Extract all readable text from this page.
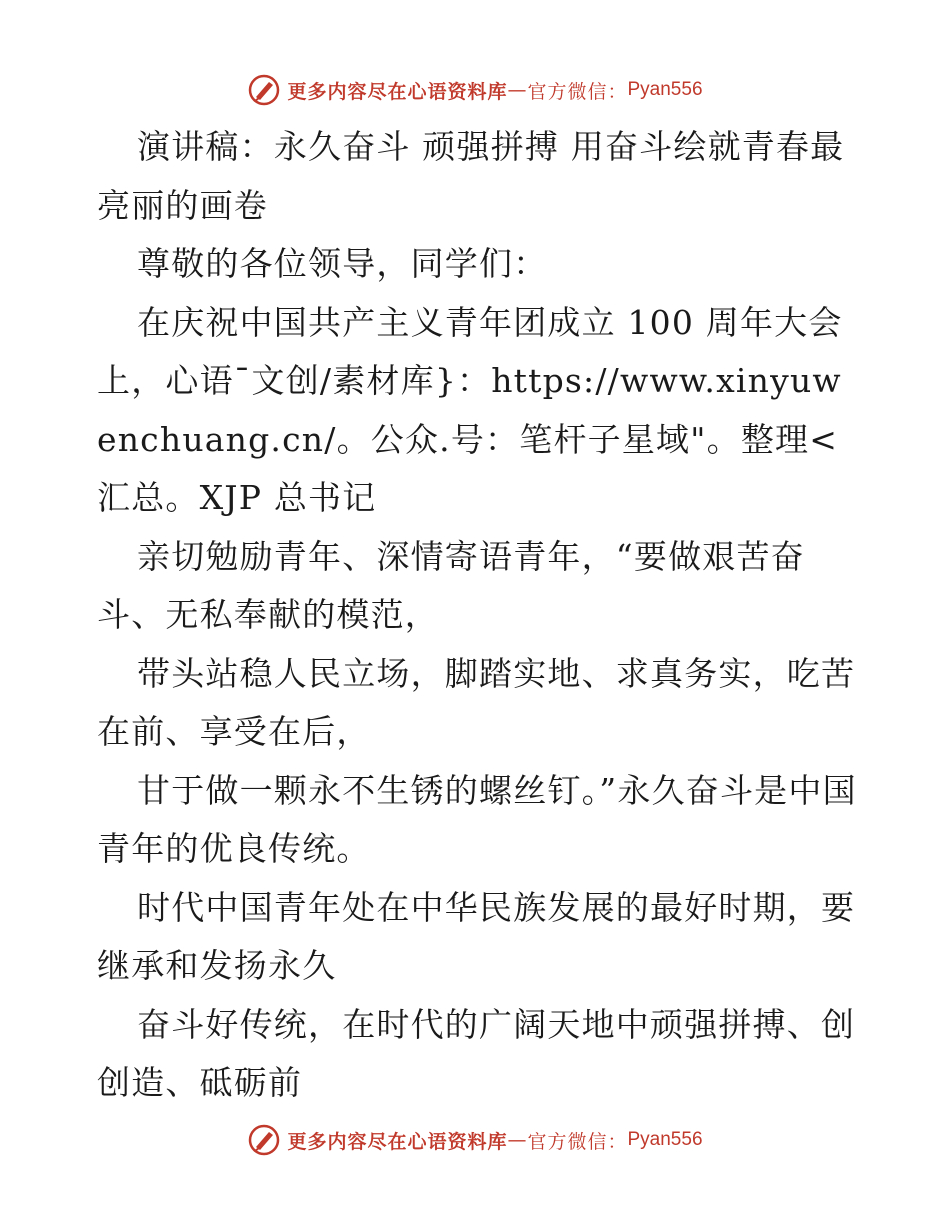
更多内容尽在心语资料库 — 官方微信： Pyan556

演讲稿：永久奋斗 顽强拼搏 用奋斗绘就青春最亮丽的画卷

尊敬的各位领导，同学们：

在庆祝中国共产主义青年团成立 100 周年大会上，心语¯文创/素材库}：https://www.xinyuwenchuang.cn/。公众.号：笔杆子星域"。整理<汇总。XJP 总书记

亲切勉励青年、深情寄语青年，“要做艰苦奋斗、无私奉献的模范，

带头站稳人民立场，脚踏实地、求真务实，吃苦在前、享受在后，

甘于做一颗永不生锈的螺丝钉。”永久奋斗是中国青年的优良传统。

时代中国青年处在中华民族发展的最好时期，要继承和发扬永久

奋斗好传统，在时代的广阔天地中顽强拼搏、创创造、砥砺前

更多内容尽在心语资料库 — 官方微信： Pyan556
